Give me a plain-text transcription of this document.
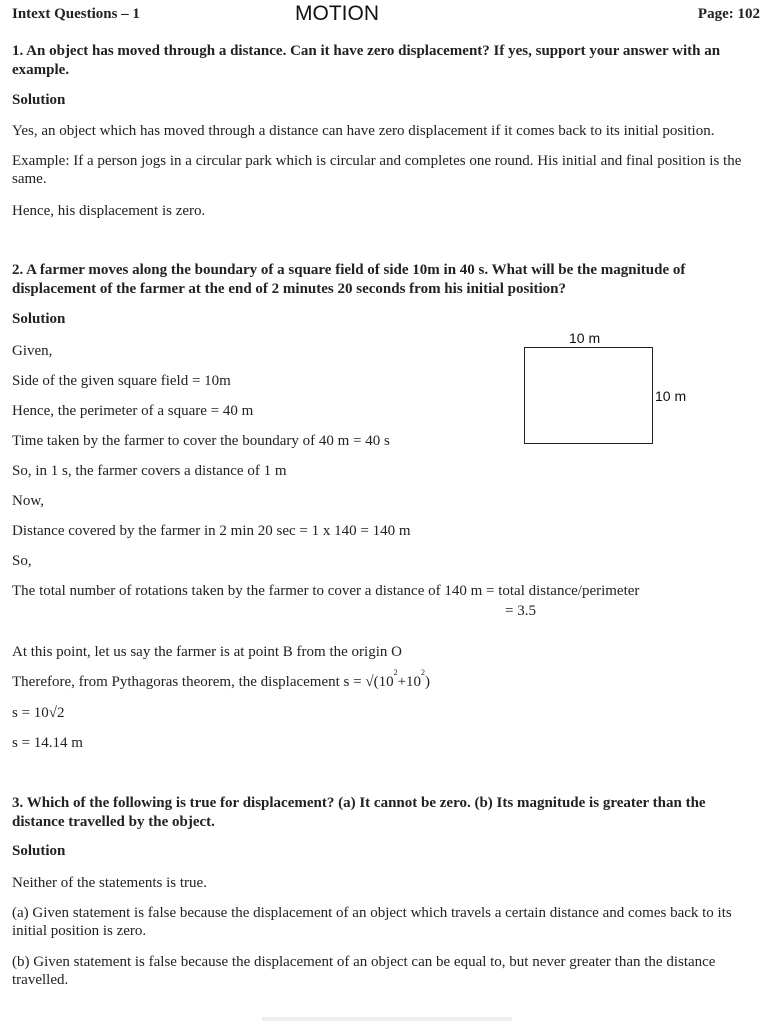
Intext Questions – 1	MOTION	Page: 102
1. An object has moved through a distance. Can it have zero displacement? If yes, support your answer with an example.
Solution
Yes, an object which has moved through a distance can have zero displacement if it comes back to its initial position.
Example: If a person jogs in a circular park which is circular and completes one round. His initial and final position is the same.
Hence, his displacement is zero.
2. A farmer moves along the boundary of a square field of side 10m in 40 s. What will be the magnitude of displacement of the farmer at the end of 2 minutes 20 seconds from his initial position?
Solution
Given,
Side of the given square field = 10m
Hence, the perimeter of a square = 40 m
Time taken by the farmer to cover the boundary of 40 m = 40 s
So, in 1 s, the farmer covers a distance of 1 m
Now,
Distance covered by the farmer in 2 min 20 sec = 1 x 140 = 140 m
So,
The total number of rotations taken by the farmer to cover a distance of 140 m = total distance/perimeter
= 3.5
At this point, let us say the farmer is at point B from the origin O
Therefore, from Pythagoras theorem, the displacement $s = √(10^2+10^2)$
s = 10√2
s = 14.14 m
10 m
10 m
3. Which of the following is true for displacement? (a) It cannot be zero. (b) Its magnitude is greater than the distance travelled by the object.
Solution
Neither of the statements is true.
(a) Given statement is false because the displacement of an object which travels a certain distance and comes back to its initial position is zero.
(b) Given statement is false because the displacement of an object can be equal to, but never greater than the distance travelled.
